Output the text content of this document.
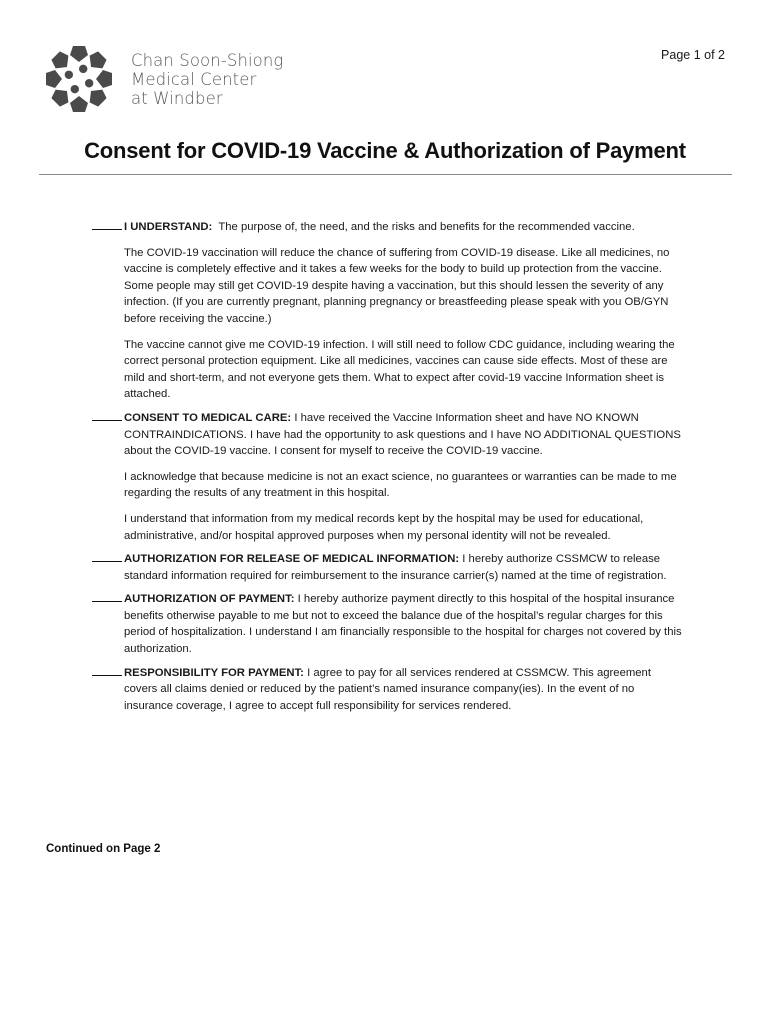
Chan Soon-Shiong
Medical Center
at Windber
Page 1 of 2
Consent for COVID-19 Vaccine & Authorization of Payment
I UNDERSTAND: The purpose of, the need, and the risks and benefits for the recommended vaccine.
The COVID-19 vaccination will reduce the chance of suffering from COVID-19 disease. Like all medicines, no vaccine is completely effective and it takes a few weeks for the body to build up protection from the vaccine. Some people may still get COVID-19 despite having a vaccination, but this should lessen the severity of any infection. (If you are currently pregnant, planning pregnancy or breastfeeding please speak with you OB/GYN before receiving the vaccine.)
The vaccine cannot give me COVID-19 infection. I will still need to follow CDC guidance, including wearing the correct personal protection equipment. Like all medicines, vaccines can cause side effects. Most of these are mild and short-term, and not everyone gets them. What to expect after covid-19 vaccine Information sheet is attached.
CONSENT TO MEDICAL CARE: I have received the Vaccine Information sheet and have NO KNOWN CONTRAINDICATIONS. I have had the opportunity to ask questions and I have NO ADDITIONAL QUESTIONS about the COVID-19 vaccine. I consent for myself to receive the COVID-19 vaccine.
I acknowledge that because medicine is not an exact science, no guarantees or warranties can be made to me regarding the results of any treatment in this hospital.
I understand that information from my medical records kept by the hospital may be used for educational, administrative, and/or hospital approved purposes when my personal identity will not be revealed.
AUTHORIZATION FOR RELEASE OF MEDICAL INFORMATION: I hereby authorize CSSMCW to release standard information required for reimbursement to the insurance carrier(s) named at the time of registration.
AUTHORIZATION OF PAYMENT: I hereby authorize payment directly to this hospital of the hospital insurance benefits otherwise payable to me but not to exceed the balance due of the hospital’s regular charges for this period of hospitalization. I understand I am financially responsible to the hospital for charges not covered by this authorization.
RESPONSIBILITY FOR PAYMENT: I agree to pay for all services rendered at CSSMCW. This agreement covers all claims denied or reduced by the patient’s named insurance company(ies). In the event of no insurance coverage, I agree to accept full responsibility for services rendered.
Continued on Page 2
